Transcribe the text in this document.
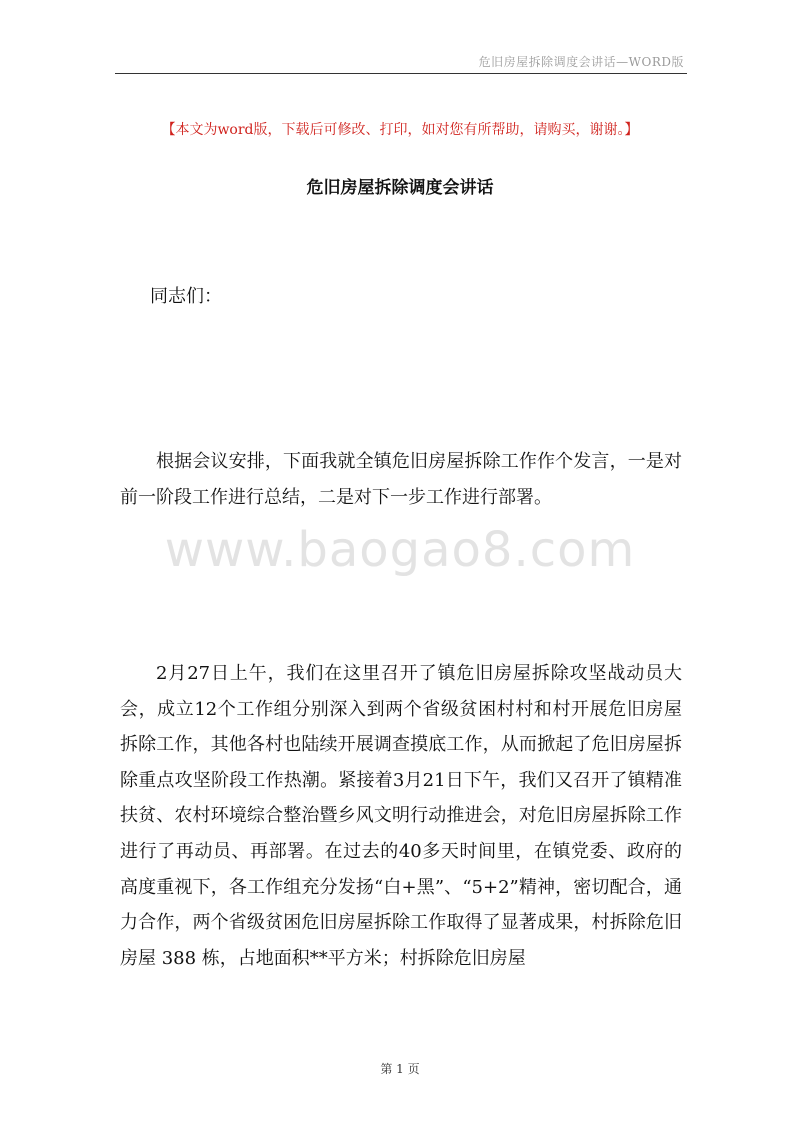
危旧房屋拆除调度会讲话—WORD版
【本文为word版，下载后可修改、打印，如对您有所帮助，请购买，谢谢。】
危旧房屋拆除调度会讲话
同志们：

根据会议安排，下面我就全镇危旧房屋拆除工作作个发言，一是对前一阶段工作进行总结，二是对下一步工作进行部署。

www.baogao8.com

2月27日上午，我们在这里召开了镇危旧房屋拆除攻坚战动员大会，成立12个工作组分别深入到两个省级贫困村村和村开展危旧房屋拆除工作，其他各村也陆续开展调查摸底工作，从而掀起了危旧房屋拆除重点攻坚阶段工作热潮。紧接着3月21日下午，我们又召开了镇精准扶贫、农村环境综合整治暨乡风文明行动推进会，对危旧房屋拆除工作进行了再动员、再部署。在过去的40多天时间里，在镇党委、政府的高度重视下，各工作组充分发扬“白+黑”、“5+2”精神，密切配合，通力合作，两个省级贫困危旧房屋拆除工作取得了显著成果，村拆除危旧房屋 388 栋，占地面积**平方米；村拆除危旧房屋

第 1 页
